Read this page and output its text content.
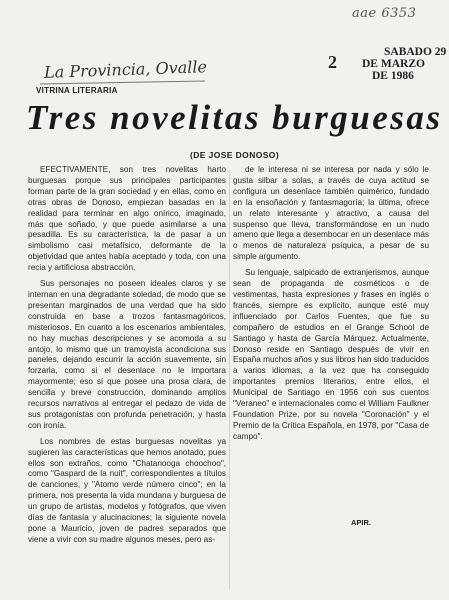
aae 6353
La Provincia, Ovalle	2	SABADO 29
DE MARZO
DE 1986
VITRINA LITERARIA
Tres novelitas burguesas
(DE JOSE DONOSO)

EFECTIVAMENTE, son tres novelitas harto burguesas porque sus principales participantes forman parte de la gran sociedad y en ellas, como en otras obras de Donoso, empiezan basadas en la realidad para terminar en algo onírico, imaginado, más que soñado, y que puede asimilarse a una pesadilla. Es su característica, la de pasar a un simbolismo casi metafísico, deformante de la objetividad que antes había aceptado y toda, con una recia y artificiosa abstracción.

Sus personajes no poseen ideales claros y se internan en una degradante soledad, de modo que se presentan marginados de una verdad que ha sido construida en base a trozos fantasmagóricos, misteriosos. En cuanto a los escenarios ambientales, no hay muchas descripciones y se acomoda a su antojo, lo mismo que un tramoyista acondiciona sus paneles, dejando escurrir la acción suavemente, sin forzarla, como si el desenlace no le importara mayormente; eso sí que posee una prosa clara, de sencilla y breve construcción, dominando amplios recursos narrativos al entregar el pedazo de vida de sus protagonistas con profunda penetración, y hasta con ironía.

Los nombres de estas burguesas novelitas ya sugieren las características que hemos anotado, pues ellos son extraños, como "Chatanooga choochoo", como "Gaspard de la nuit", correspondientes a títulos de canciones, y "Atomo verde número cinco"; en la primera, nos presenta la vida mundana y burguesa de un grupo de artistas, modelos y fotógrafos, que viven días de fantasía y alucinaciones; la siguiente novela pone a Mauricio, joven de padres separados que viene a vivir con su madre algunos meses, pero as-

de le interesa ni se interesa por nada y sólo le gusta silbar a solas, a través de cuya actitud se configura un desenlace también quimérico, fundado en la ensoñación y fantasmagoría; la última, ofrece un relato interesante y atractivo, a causa del suspenso que lleva, transformándose en un nudo ameno que llega a desembocar en un desenlace más o menos de naturaleza psíquica, a pesar de su simple argumento.

Su lenguaje, salpicado de extranjerismos, aunque sean de propaganda de cosméticos o de vestimentas, hasta expresiones y frases en inglés o francés, siempre es explícito, aunque esté muy influenciado por Carlos Fuentes, que fue su compañero de estudios en el Grange School de Santiago y hasta de García Márquez. Actualmente, Donoso reside en Santiago después de vivir en España muchos años y sus libros han sido traducidos a varios idiomas, a la vez que ha conseguido importantes premios literarios, entre ellos, el Municipal de Santiago en 1956 con sus cuentos "Veraneo" e internacionales como el William Faulkner Foundation Prize, por su novela "Coronación" y el Premio de la Crítica Española, en 1978, por "Casa de campo".

APIR.
